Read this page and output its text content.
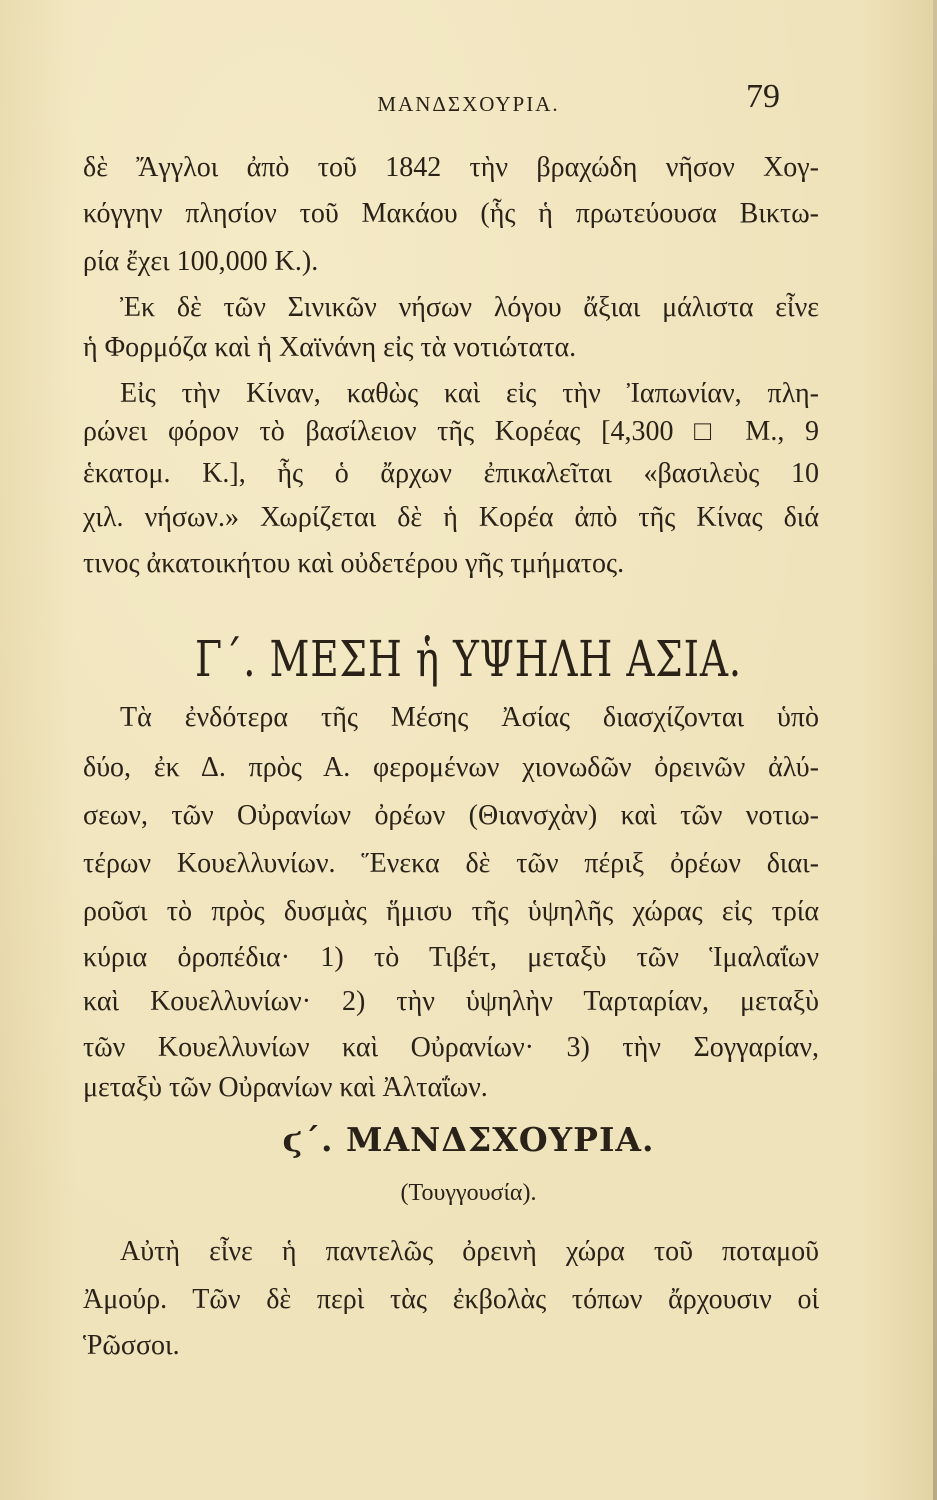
ΜΑΝΔΣΧΟΥΡΙΑ.	79
δὲ Ἄγγλοι ἀπὸ τοῦ 1842 τὴν βραχώδη νῆσον Χογ-
κόγγην πλησίον τοῦ Μακάου (ἧς ἡ πρωτεύουσα Βικτω-
ρία ἔχει 100,000 Κ.).
Ἐκ δὲ τῶν Σινικῶν νήσων λόγου ἄξιαι μάλιστα εἶνε
ἡ Φορμόζα καὶ ἡ Χαϊνάνη εἰς τὰ νοτιώτατα.
Εἰς τὴν Κίναν, καθὼς καὶ εἰς τὴν Ἰαπωνίαν, πλη-
ρώνει φόρον τὸ βασίλειον τῆς Κορέας [4,300 □ Μ., 9
ἑκατομ. Κ.], ἧς ὁ ἄρχων ἐπικαλεῖται «βασιλεὺς 10
χιλ. νήσων.» Χωρίζεται δὲ ἡ Κορέα ἀπὸ τῆς Κίνας διά
τινος ἀκατοικήτου καὶ οὐδετέρου γῆς τμήματος.
Γ΄. ΜΕΣΗ ἡ ΥΨΗΛΗ ΑΣΙΑ.
Τὰ ἐνδότερα τῆς Μέσης Ἀσίας διασχίζονται ὑπὸ
δύο, ἐκ Δ. πρὸς Α. φερομένων χιονωδῶν ὀρεινῶν ἀλύ-
σεων, τῶν Οὐρανίων ὀρέων (Θιανσχὰν) καὶ τῶν νοτιω-
τέρων Κουελλυνίων. Ἕνεκα δὲ τῶν πέριξ ὀρέων διαι-
ροῦσι τὸ πρὸς δυσμὰς ἥμισυ τῆς ὑψηλῆς χώρας εἰς τρία
κύρια ὀροπέδια· 1) τὸ Τιβέτ, μεταξὺ τῶν Ἱμαλαΐων
καὶ Κουελλυνίων· 2) τὴν ὑψηλὴν Ταρταρίαν, μεταξὺ
τῶν Κουελλυνίων καὶ Οὐρανίων· 3) τὴν Σογγαρίαν,
μεταξὺ τῶν Οὐρανίων καὶ Ἀλταΐων.
ϛ΄. ΜΑΝΔΣΧΟΥΡΙΑ.
(Τουγγουσία).
Αὐτὴ εἶνε ἡ παντελῶς ὀρεινὴ χώρα τοῦ ποταμοῦ
Ἀμούρ. Τῶν δὲ περὶ τὰς ἐκβολὰς τόπων ἄρχουσιν οἱ
Ῥῶσσοι.
